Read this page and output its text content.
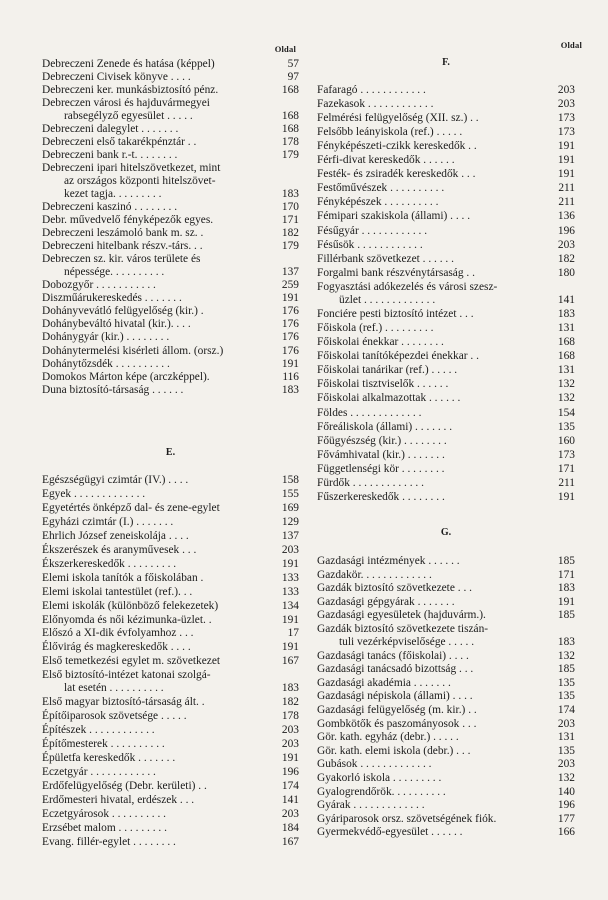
Oldal
Debreczeni Zenede és hatása (képpel)	57
Debreczeni Civisek könyve . . . .	97
Debreczeni ker. munkásbiztosító pénz.	168
Debreczen városi és hajduvármegyei
rabsegélyző egyesület . . . . .	168
Debreczeni dalegylet . . . . . . .	168
Debreczeni első takarékpénztár . .	178
Debreczeni bank r.-t. . . . . . . .	179
Debreczeni ipari hitelszövetkezet, mint
az országos központi hitelszövet-
kezet tagja. . . . . . . . .	183
Debreczeni kaszinó . . . . . . . .	170
Debr. művedvelő fényképezők egyes.	171
Debreczeni leszámoló bank m. sz. .	182
Debreczeni hitelbank részv.-társ. . .	179
Debreczen sz. kir. város területe és
népessége. . . . . . . . . .	137
Dobozgyőr . . . . . . . . . . .	259
Diszműárukereskedés . . . . . . .	191
Dohányvevátló felügyelőség (kir.) .	176
Dohánybeváltó hivatal (kir.). . . .	176
Dohánygyár (kir.) . . . . . . . .	176
Dohánytermelési kisérleti állom. (orsz.)	176
Dohánytőzsdék . . . . . . . . . .	191
Domokos Márton képe (arczképpel).	116
Duna biztosító-társaság . . . . . .	183
E.
Egészségügyi czimtár (IV.) . . . .	158
Egyek . . . . . . . . . . . . .	155
Egyetértés önképző dal- és zene-egylet	169
Egyházi czimtár (I.) . . . . . . .	129
Ehrlich József zeneiskolája . . . .	137
Ékszerészek és aranyművesek . . .	203
Ékszerkereskedők . . . . . . . . .	191
Elemi iskola tanítók a főiskolában .	133
Elemi iskolai tantestület (ref.). . .	133
Elemi iskolák (különböző felekezetek)	134
Előnyomda és női kézimunka-üzlet. .	191
Előszó a XI-dik évfolyamhoz . . .	17
Élővirág és magkereskedők . . . .	191
Első temetkezési egylet m. szövetkezet	167
Első biztosító-intézet katonai szolgá-
lat esetén . . . . . . . . . .	183
Első magyar biztosító-társaság ált. .	182
Építőiparosok szövetsége . . . . .	178
Építészek . . . . . . . . . . . .	203
Építőmesterek . . . . . . . . . .	203
Épületfa kereskedők . . . . . . .	191
Eczetgyár . . . . . . . . . . . .	196
Erdőfelügyelőség (Debr. kerületi) . .	174
Erdőmesteri hivatal, erdészek . . .	141
Eczetgyárosok . . . . . . . . . .	203
Erzsébet malom . . . . . . . . .	184
Evang. fillér-egylet . . . . . . . .	167
Oldal
F.
Fafaragó . . . . . . . . . . . .	203
Fazekasok . . . . . . . . . . . .	203
Felmérési felügyelőség (XII. sz.) . .	173
Felsőbb leányiskola (ref.) . . . . .	173
Fényképészeti-czikk kereskedők . .	191
Férfi-divat kereskedők . . . . . .	191
Festék- és zsiradék kereskedők . . .	191
Festőművészek . . . . . . . . . .	211
Fényképészek . . . . . . . . . .	211
Fémipari szakiskola (állami) . . . .	136
Fésűgyár . . . . . . . . . . . .	196
Fésűsök . . . . . . . . . . . .	203
Fillérbank szövetkezet . . . . . .	182
Forgalmi bank részvénytársaság . .	180
Fogyasztási adókezelés és városi szesz-
üzlet . . . . . . . . . . . . .	141
Fonciére pesti biztosító intézet . . .	183
Főiskola (ref.) . . . . . . . . .	131
Főiskolai énekkar . . . . . . . .	168
Főiskolai tanítóképezdei énekkar . .	168
Főiskolai tanárikar (ref.) . . . . .	131
Főiskolai tisztviselők . . . . . .	132
Főiskolai alkalmazottak . . . . . .	132
Földes . . . . . . . . . . . . .	154
Főreáliskola (állami) . . . . . . .	135
Főügyészség (kir.) . . . . . . . .	160
Fővámhivatal (kir.) . . . . . . .	173
Függetlenségi kör . . . . . . . .	171
Fürdők . . . . . . . . . . . . .	211
Fűszerkereskedők . . . . . . . .	191
G.
Gazdasági intézmények . . . . . .	185
Gazdakör. . . . . . . . . . . . .	171
Gazdák biztosító szövetkezete . . .	183
Gazdasági gépgyárak . . . . . . .	191
Gazdasági egyesületek (hajduvárm.).	185
Gazdák biztosító szövetkezete tiszán-
tuli vezérképviselősége . . . . .	183
Gazdasági tanács (főiskolai) . . . .	132
Gazdasági tanácsadó bizottság . . .	185
Gazdasági akadémia . . . . . . .	135
Gazdasági népiskola (állami) . . . .	135
Gazdasági felügyelőség (m. kir.) . .	174
Gombkötők és paszományosok . . .	203
Gör. kath. egyház (debr.) . . . . .	131
Gör. kath. elemi iskola (debr.) . . .	135
Gubások . . . . . . . . . . . . .	203
Gyakorló iskola . . . . . . . . .	132
Gyalogrendőrök. . . . . . . . . .	140
Gyárak . . . . . . . . . . . . .	196
Gyáriparosok orsz. szövetségének fiók.	177
Gyermekvédő-egyesület . . . . . .	166
